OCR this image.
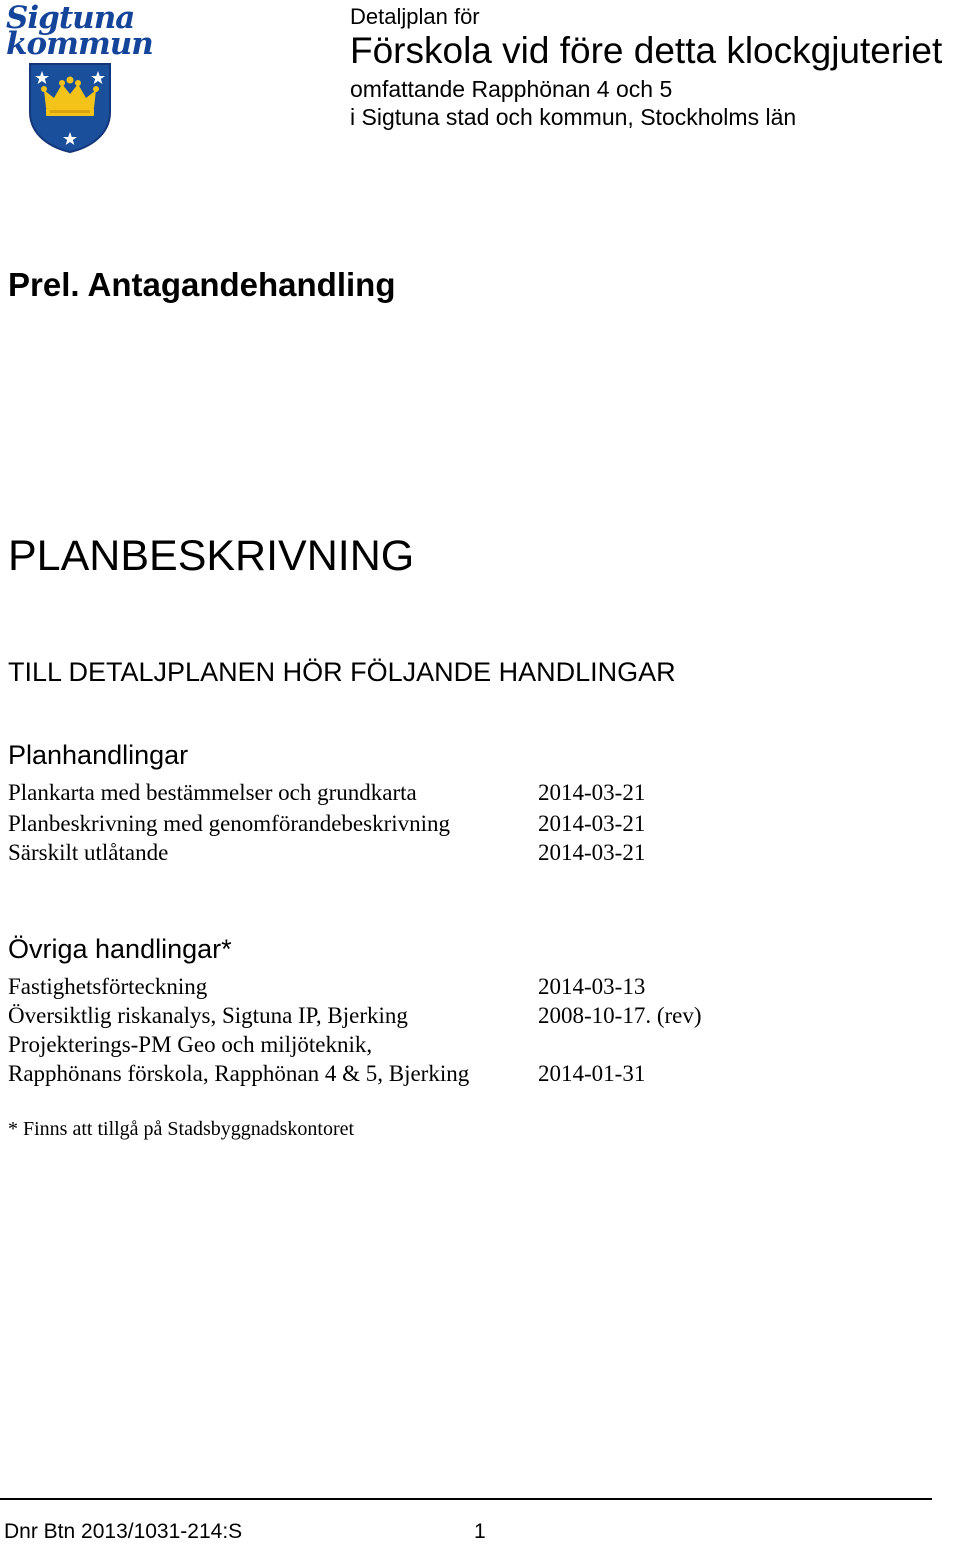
Sigtuna
kommun
Detaljplan för
Förskola vid före detta klockgjuteriet
omfattande Rapphönan 4 och 5
i Sigtuna stad och kommun, Stockholms län
Prel. Antagandehandling
PLANBESKRIVNING
TILL DETALJPLANEN HÖR FÖLJANDE HANDLINGAR
Planhandlingar
Plankarta med bestämmelser och grundkarta	2014-03-21
Planbeskrivning med genomförandebeskrivning	2014-03-21
Särskilt utlåtande	2014-03-21
Övriga handlingar*
Fastighetsförteckning	2014-03-13
Översiktlig riskanalys, Sigtuna IP, Bjerking	2008-10-17. (rev)
Projekterings-PM Geo och miljöteknik,
Rapphönans förskola, Rapphönan 4 & 5, Bjerking	2014-01-31
* Finns att tillgå på Stadsbyggnadskontoret
Dnr Btn 2013/1031-214:S	1
